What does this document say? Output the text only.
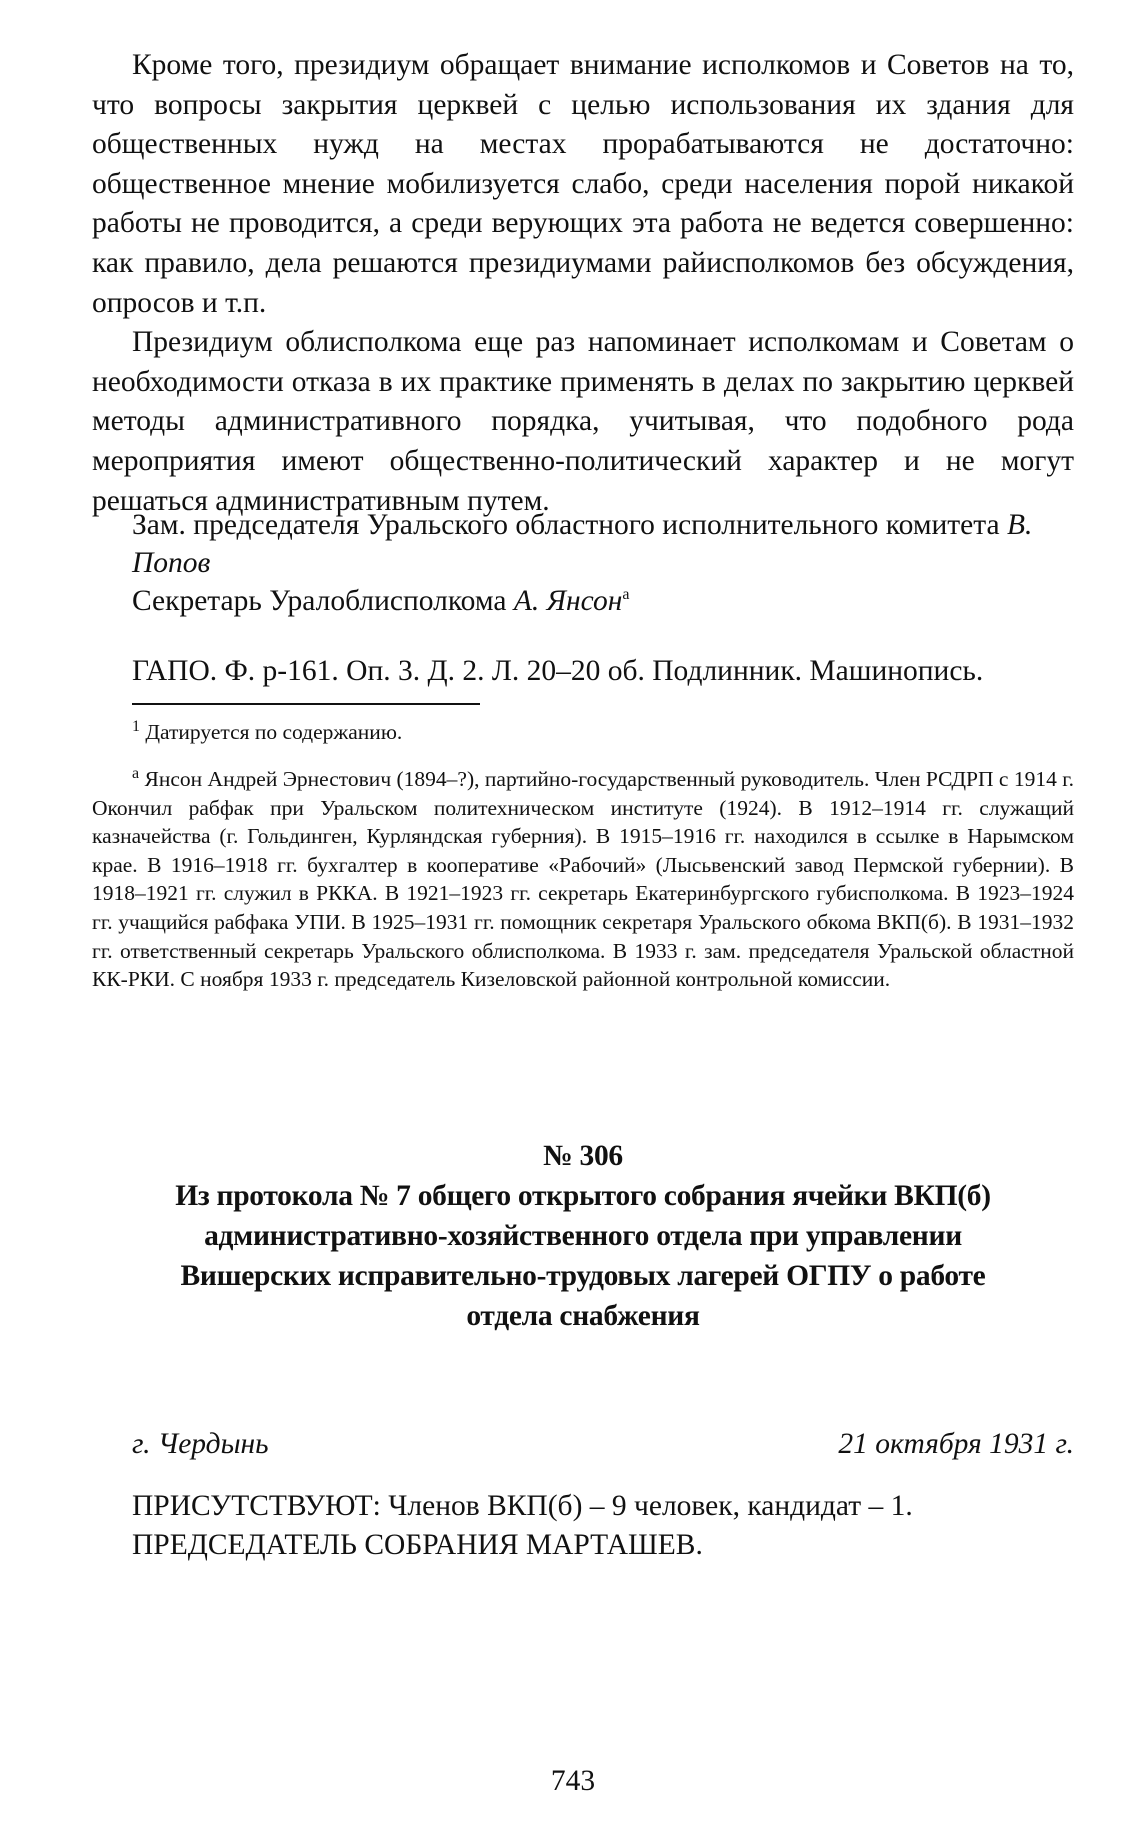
Кроме того, президиум обращает внимание исполкомов и Советов на то, что вопросы закрытия церквей с целью использования их здания для общественных нужд на местах прорабатываются не достаточно: общественное мнение мобилизуется слабо, среди населения порой никакой работы не проводится, а среди верующих эта работа не ведется совершенно: как правило, дела решаются президиумами райисполкомов без обсуждения, опросов и т.п.

Президиум облисполкома еще раз напоминает исполкомам и Советам о необходимости отказа в их практике применять в делах по закрытию церквей методы административного порядка, учитывая, что подобного рода мероприятия имеют общественно-политический характер и не могут решаться административным путем.

Зам. председателя Уральского областного исполнительного комитета В. Попов
Секретарь Уралоблисполкома А. Янсон$^а$
ГАПО. Ф. р-161. Оп. 3. Д. 2. Л. 20–20 об. Подлинник. Машинопись.
$^1$ Датируется по содержанию.
$^а$ Янсон Андрей Эрнестович (1894–?), партийно-государственный руководитель. Член РСДРП с 1914 г. Окончил рабфак при Уральском политехническом институте (1924). В 1912–1914 гг. служащий казначейства (г. Гольдинген, Курляндская губерния). В 1915–1916 гг. находился в ссылке в Нарымском крае. В 1916–1918 гг. бухгалтер в кооперативе «Рабочий» (Лысьвенский завод Пермской губернии). В 1918–1921 гг. служил в РККА. В 1921–1923 гг. секретарь Екатеринбургского губисполкома. В 1923–1924 гг. учащийся рабфака УПИ. В 1925–1931 гг. помощник секретаря Уральского обкома ВКП(б). В 1931–1932 гг. ответственный секретарь Уральского облисполкома. В 1933 г. зам. председателя Уральской областной КК-РКИ. С ноября 1933 г. председатель Кизеловской районной контрольной комиссии.
№ 306
Из протокола № 7 общего открытого собрания ячейки ВКП(б)
административно-хозяйственного отдела при управлении
Вишерских исправительно-трудовых лагерей ОГПУ о работе
отдела снабжения
г. Чердынь	21 октября 1931 г.
ПРИСУТСТВУЮТ: Членов ВКП(б) – 9 человек, кандидат – 1.
ПРЕДСЕДАТЕЛЬ СОБРАНИЯ МАРТАШЕВ.
743
